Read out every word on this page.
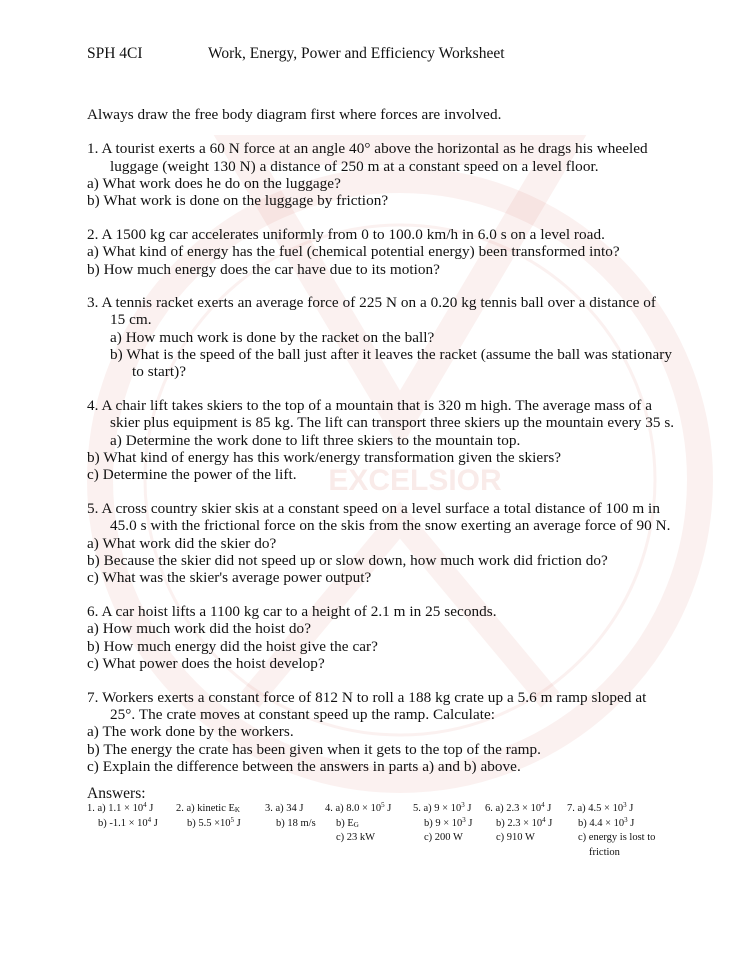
EXCELSIOR
SPH 4CI	Work, Energy, Power and Efficiency Worksheet
Always draw the free body diagram first where forces are involved.
1. A tourist exerts a 60 N force at an angle 40° above the horizontal as he drags his wheeled
luggage (weight 130 N) a distance of 250 m at a constant speed on a level floor.
a) What work does he do on the luggage?
b) What work is done on the luggage by friction?
2. A 1500 kg car accelerates uniformly from 0 to 100.0 km/h in 6.0 s on a level road.
a) What kind of energy has the fuel (chemical potential energy) been transformed into?
b) How much energy does the car have due to its motion?
3. A tennis racket exerts an average force of 225 N on a 0.20 kg tennis ball over a distance of
15 cm.
a) How much work is done by the racket on the ball?
b) What is the speed of the ball just after it leaves the racket (assume the ball was stationary
to start)?
4. A chair lift takes skiers to the top of a mountain that is 320 m high. The average mass of a
skier plus equipment is 85 kg. The lift can transport three skiers up the mountain every 35 s.
a) Determine the work done to lift three skiers to the mountain top.
b) What kind of energy has this work/energy transformation given the skiers?
c) Determine the power of the lift.
5. A cross country skier skis at a constant speed on a level surface a total distance of 100 m in
45.0 s with the frictional force on the skis from the snow exerting an average force of 90 N.
a) What work did the skier do?
b) Because the skier did not speed up or slow down, how much work did friction do?
c) What was the skier's average power output?
6. A car hoist lifts a 1100 kg car to a height of 2.1 m in 25 seconds.
a) How much work did the hoist do?
b) How much energy did the hoist give the car?
c) What power does the hoist develop?
7. Workers exerts a constant force of 812 N to roll a 188 kg crate up a 5.6 m ramp sloped at
25°. The crate moves at constant speed up the ramp. Calculate:
a) The work done by the workers.
b) The energy the crate has been given when it gets to the top of the ramp.
c) Explain the difference between the answers in parts a) and b) above.
Answers:
1. a) $1.1 \times 10^4$ J
b) $-1.1 \times 10^4$ J
2. a) kinetic $E_K$
b) $5.5 \times 10^5$ J
3. a) 34 J
b) 18 m/s
4. a) $8.0 \times 10^5$ J
b) $E_G$
c) 23 kW
5. a) $9 \times 10^3$ J
b) $9 \times 10^3$ J
c) 200 W
6. a) $2.3 \times 10^4$ J
b) $2.3 \times 10^4$ J
c) 910 W
7. a) $4.5 \times 10^3$ J
b) $4.4 \times 10^3$ J
c) energy is lost to
friction
